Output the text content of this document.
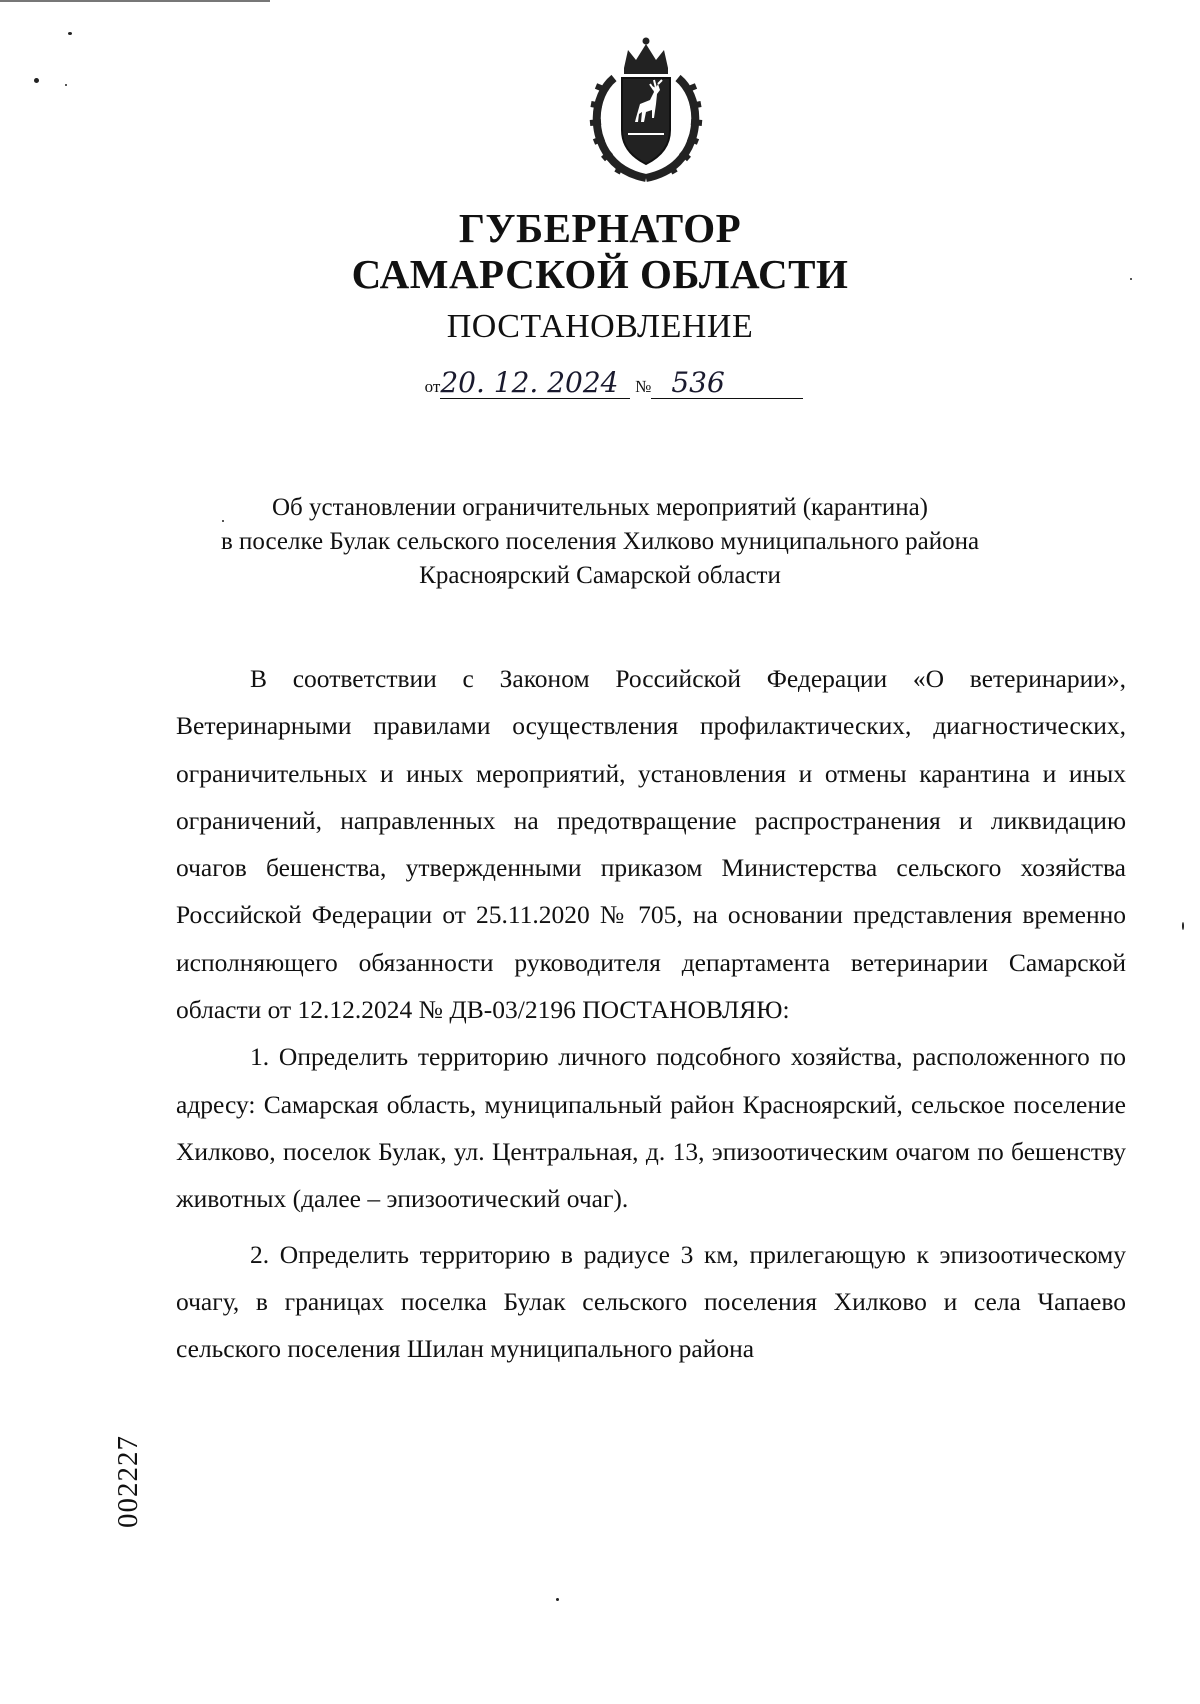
ГУБЕРНАТОР
САМАРСКОЙ ОБЛАСТИ
ПОСТАНОВЛЕНИЕ
от20. 12. 2024 № 536

Об установлении ограничительных мероприятий (карантина)

в поселке Булак сельского поселения Хилково муниципального района

Красноярский Самарской области

В соответствии с Законом Российской Федерации «О ветеринарии», Ветеринарными правилами осуществления профилактических, диагностических, ограничительных и иных мероприятий, установления и отмены карантина и иных ограничений, направленных на предотвращение распространения и ликвидацию очагов бешенства, утвержденными приказом Министерства сельского хозяйства Российской Федерации от 25.11.2020 № 705, на основании представления временно исполняющего обязанности руководителя департамента ветеринарии Самарской области от 12.12.2024 № ДВ-03/2196 ПОСТАНОВЛЯЮ:

1. Определить территорию личного подсобного хозяйства, расположенного по адресу: Самарская область, муниципальный район Красноярский, сельское поселение Хилково, поселок Булак, ул. Центральная, д. 13, эпизоотическим очагом по бешенству животных (далее – эпизоотический очаг).

2. Определить территорию в радиусе 3 км, прилегающую к эпизоотическому очагу, в границах поселка Булак сельского поселения Хилково и села Чапаево сельского поселения Шилан муниципального района

002227
